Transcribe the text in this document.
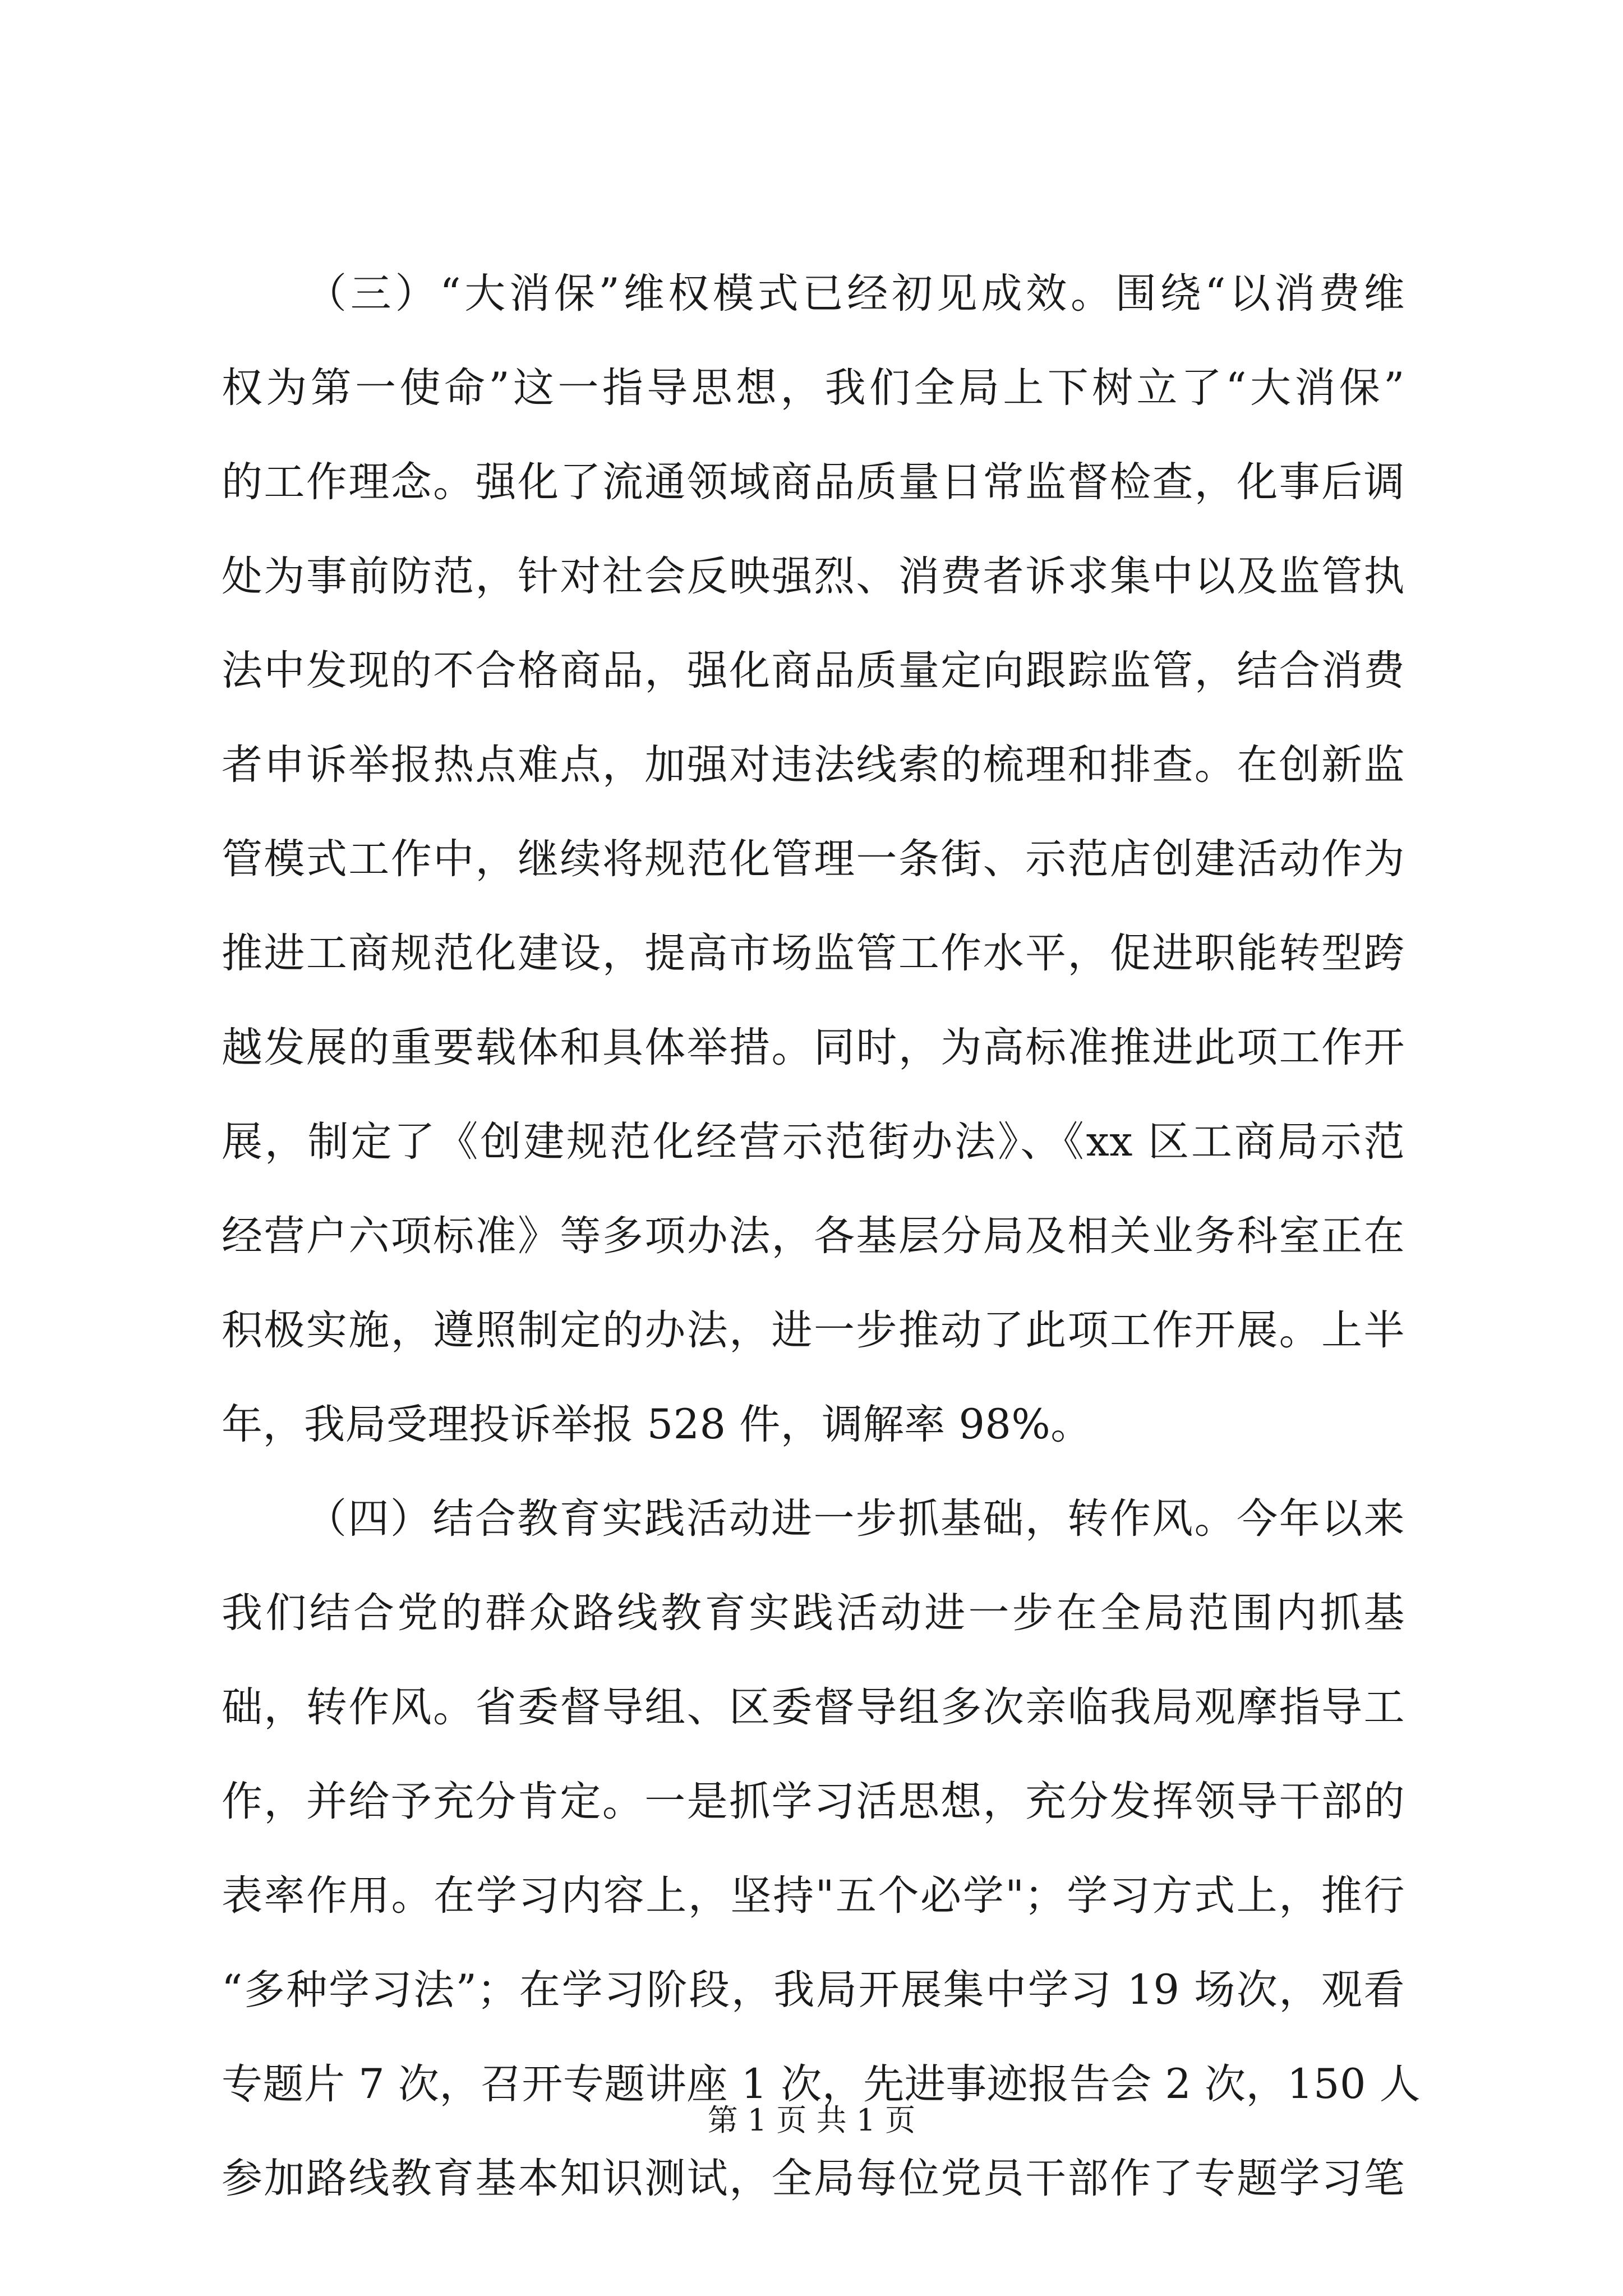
（三）“大消保”维权模式已经初见成效。围绕“以消费维
权为第一使命”这一指导思想，我们全局上下树立了“大消保”
的工作理念。强化了流通领域商品质量日常监督检查，化事后调
处为事前防范，针对社会反映强烈、消费者诉求集中以及监管执
法中发现的不合格商品，强化商品质量定向跟踪监管，结合消费
者申诉举报热点难点，加强对违法线索的梳理和排查。在创新监
管模式工作中，继续将规范化管理一条街、示范店创建活动作为
推进工商规范化建设，提高市场监管工作水平，促进职能转型跨
越发展的重要载体和具体举措。同时，为高标准推进此项工作开
展，制定了《创建规范化经营示范街办法》、《xx 区工商局示范
经营户六项标准》等多项办法，各基层分局及相关业务科室正在
积极实施，遵照制定的办法，进一步推动了此项工作开展。上半
年，我局受理投诉举报 528 件，调解率 98%。
（四）结合教育实践活动进一步抓基础，转作风。今年以来
我们结合党的群众路线教育实践活动进一步在全局范围内抓基
础，转作风。省委督导组、区委督导组多次亲临我局观摩指导工
作，并给予充分肯定。一是抓学习活思想，充分发挥领导干部的
表率作用。在学习内容上，坚持"五个必学"；学习方式上，推行
“多种学习法”；在学习阶段，我局开展集中学习 19 场次，观看
专题片 7 次，召开专题讲座 1 次，先进事迹报告会 2 次，150 人
参加路线教育基本知识测试，全局每位党员干部作了专题学习笔
第 1 页 共 1 页
